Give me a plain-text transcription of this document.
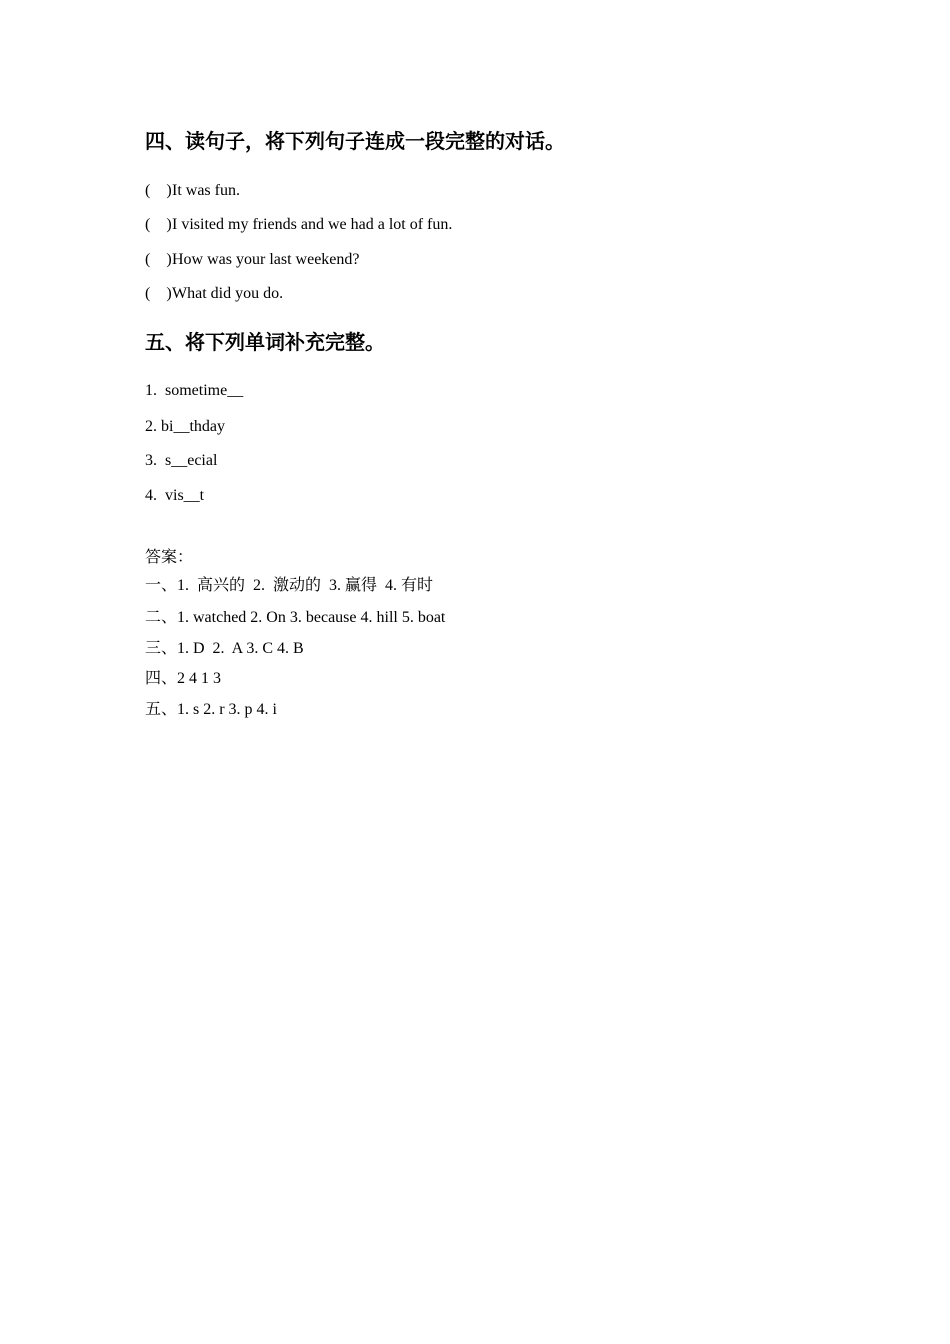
四、读句子，将下列句子连成一段完整的对话。
(    )It was fun.
(    )I visited my friends and we had a lot of fun.
(    )How was your last weekend?
(    )What did you do.
五、将下列单词补充完整。
1.  sometime__
2. bi__thday
3.  s__ecial
4.  vis__t
答案：
一、1.  高兴的  2.  激动的  3. 赢得  4. 有时
二、1. watched 2. On 3. because 4. hill 5. boat
三、1. D  2.  A 3. C 4. B
四、2 4 1 3
五、1. s 2. r 3. p 4. i
